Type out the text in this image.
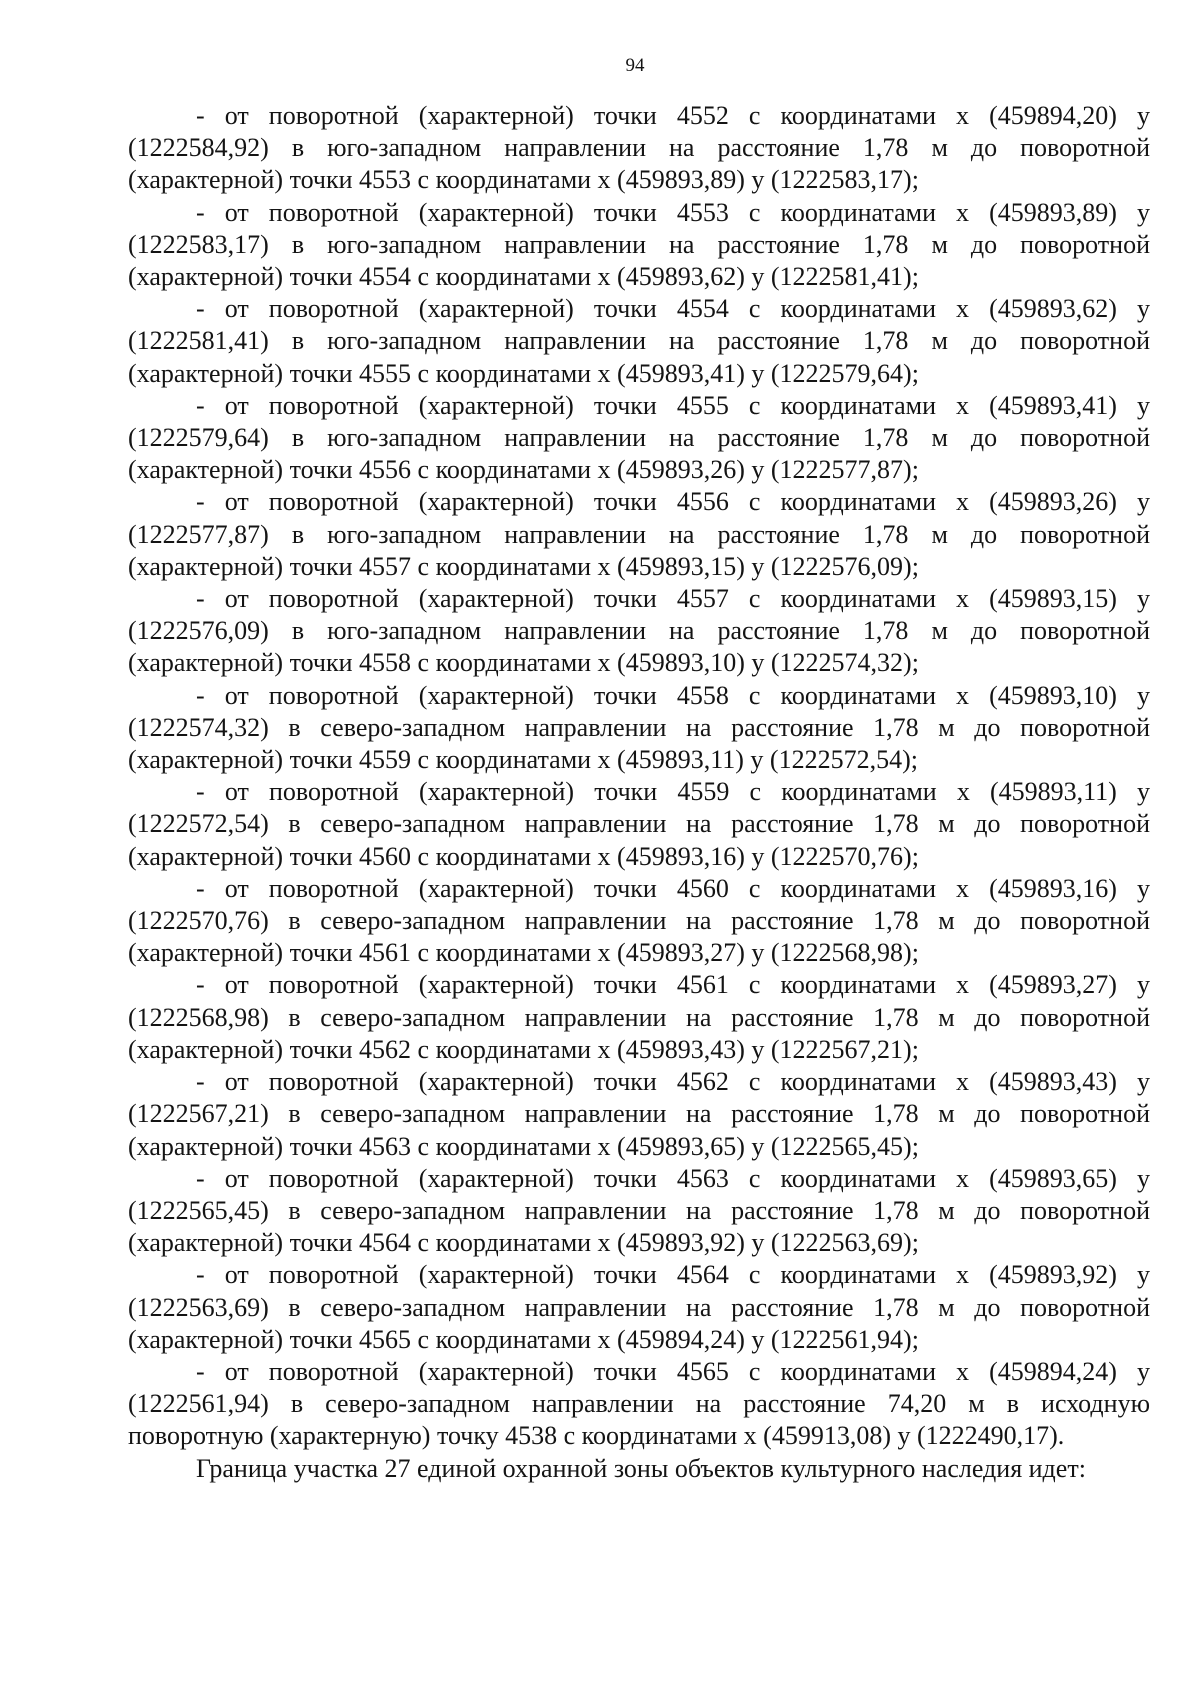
94

- от поворотной (характерной) точки 4552 с координатами х (459894,20) у (1222584,92) в юго-западном направлении на расстояние 1,78 м до поворотной (характерной) точки 4553 с координатами х (459893,89) у (1222583,17);

- от поворотной (характерной) точки 4553 с координатами х (459893,89) у (1222583,17) в юго-западном направлении на расстояние 1,78 м до поворотной (характерной) точки 4554 с координатами х (459893,62) у (1222581,41);

- от поворотной (характерной) точки 4554 с координатами х (459893,62) у (1222581,41) в юго-западном направлении на расстояние 1,78 м до поворотной (характерной) точки 4555 с координатами х (459893,41) у (1222579,64);

- от поворотной (характерной) точки 4555 с координатами х (459893,41) у (1222579,64) в юго-западном направлении на расстояние 1,78 м до поворотной (характерной) точки 4556 с координатами х (459893,26) у (1222577,87);

- от поворотной (характерной) точки 4556 с координатами х (459893,26) у (1222577,87) в юго-западном направлении на расстояние 1,78 м до поворотной (характерной) точки 4557 с координатами х (459893,15) у (1222576,09);

- от поворотной (характерной) точки 4557 с координатами х (459893,15) у (1222576,09) в юго-западном направлении на расстояние 1,78 м до поворотной (характерной) точки 4558 с координатами х (459893,10) у (1222574,32);

- от поворотной (характерной) точки 4558 с координатами х (459893,10) у (1222574,32) в северо-западном направлении на расстояние 1,78 м до поворотной (характерной) точки 4559 с координатами х (459893,11) у (1222572,54);

- от поворотной (характерной) точки 4559 с координатами х (459893,11) у (1222572,54) в северо-западном направлении на расстояние 1,78 м до поворотной (характерной) точки 4560 с координатами х (459893,16) у (1222570,76);

- от поворотной (характерной) точки 4560 с координатами х (459893,16) у (1222570,76) в северо-западном направлении на расстояние 1,78 м до поворотной (характерной) точки 4561 с координатами х (459893,27) у (1222568,98);

- от поворотной (характерной) точки 4561 с координатами х (459893,27) у (1222568,98) в северо-западном направлении на расстояние 1,78 м до поворотной (характерной) точки 4562 с координатами х (459893,43) у (1222567,21);

- от поворотной (характерной) точки 4562 с координатами х (459893,43) у (1222567,21) в северо-западном направлении на расстояние 1,78 м до поворотной (характерной) точки 4563 с координатами х (459893,65) у (1222565,45);

- от поворотной (характерной) точки 4563 с координатами х (459893,65) у (1222565,45) в северо-западном направлении на расстояние 1,78 м до поворотной (характерной) точки 4564 с координатами х (459893,92) у (1222563,69);

- от поворотной (характерной) точки 4564 с координатами х (459893,92) у (1222563,69) в северо-западном направлении на расстояние 1,78 м до поворотной (характерной) точки 4565 с координатами х (459894,24) у (1222561,94);

- от поворотной (характерной) точки 4565 с координатами х (459894,24) у (1222561,94) в северо-западном направлении на расстояние 74,20 м в исходную поворотную (характерную) точку 4538 с координатами х (459913,08) у (1222490,17).

Граница участка 27 единой охранной зоны объектов культурного наследия идет:
